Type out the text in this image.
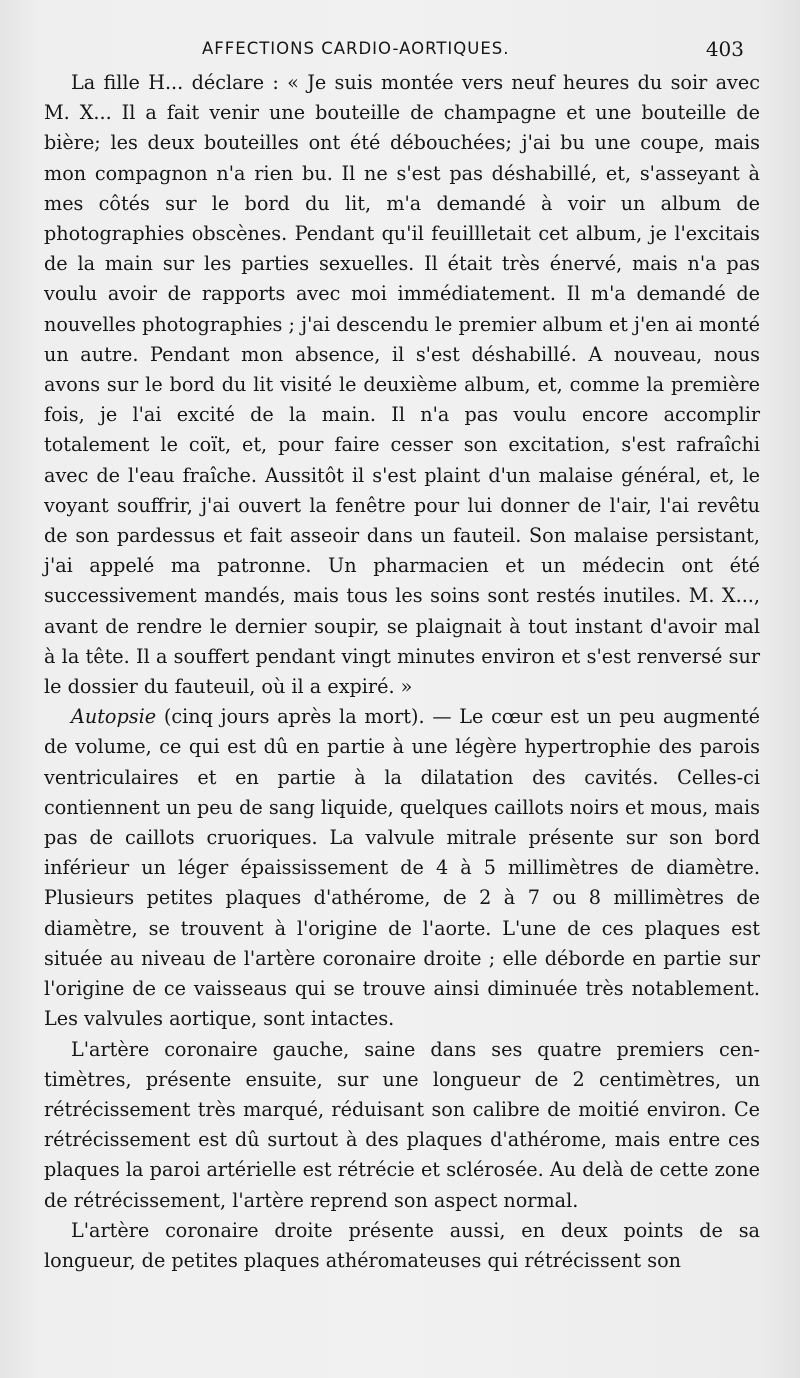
AFFECTIONS CARDIO-AORTIQUES.	403

La fille H... déclare : « Je suis montée vers neuf heures du soir avec M. X... Il a fait venir une bouteille de champagne et une bouteille de bière; les deux bouteilles ont été débouchées; j'ai bu une coupe, mais mon compagnon n'a rien bu. Il ne s'est pas déshabillé, et, s'asseyant à mes côtés sur le bord du lit, m'a demandé à voir un album de photographies obscènes. Pendant qu'il feuillletait cet album, je l'excitais de la main sur les parties sexuelles. Il était très énervé, mais n'a pas voulu avoir de rapports avec moi immédiatement. Il m'a demandé de nouvelles photographies ; j'ai descendu le premier album et j'en ai monté un autre. Pendant mon absence, il s'est déshabillé. A nouveau, nous avons sur le bord du lit visité le deuxième album, et, comme la première fois, je l'ai excité de la main. Il n'a pas voulu encore accomplir totalement le coït, et, pour faire cesser son excitation, s'est rafraîchi avec de l'eau fraîche. Aussitôt il s'est plaint d'un malaise général, et, le voyant souffrir, j'ai ouvert la fenêtre pour lui donner de l'air, l'ai revêtu de son pardessus et fait asseoir dans un fauteil. Son malaise persistant, j'ai appelé ma patronne. Un pharmacien et un médecin ont été successivement mandés, mais tous les soins sont restés inutiles. M. X..., avant de rendre le dernier soupir, se plaignait à tout instant d'avoir mal à la tête. Il a souffert pendant vingt minutes environ et s'est renversé sur le dossier du fauteuil, où il a expiré. »

Autopsie (cinq jours après la mort). — Le cœur est un peu augmenté de volume, ce qui est dû en partie à une légère hypertrophie des parois ventriculaires et en partie à la dilatation des cavités. Celles-ci contiennent un peu de sang liquide, quelques caillots noirs et mous, mais pas de caillots cruoriques. La valvule mitrale présente sur son bord inférieur un léger épaississement de 4 à 5 millimètres de diamètre. Plusieurs petites plaques d'athérome, de 2 à 7 ou 8 millimètres de diamètre, se trouvent à l'origine de l'aorte. L'une de ces plaques est située au niveau de l'artère coronaire droite ; elle déborde en partie sur l'origine de ce vaisseaus qui se trouve ainsi diminuée très notablement. Les valvules aortique, sont intactes.

L'artère coronaire gauche, saine dans ses quatre premiers centimètres, présente ensuite, sur une longueur de 2 centimètres, un rétrécissement très marqué, réduisant son calibre de moitié environ. Ce rétrécissement est dû surtout à des plaques d'athérome, mais entre ces plaques la paroi artérielle est rétrécie et sclérosée. Au delà de cette zone de rétrécissement, l'artère reprend son aspect normal.

L'artère coronaire droite présente aussi, en deux points de sa longueur, de petites plaques athéromateuses qui rétrécissent son
